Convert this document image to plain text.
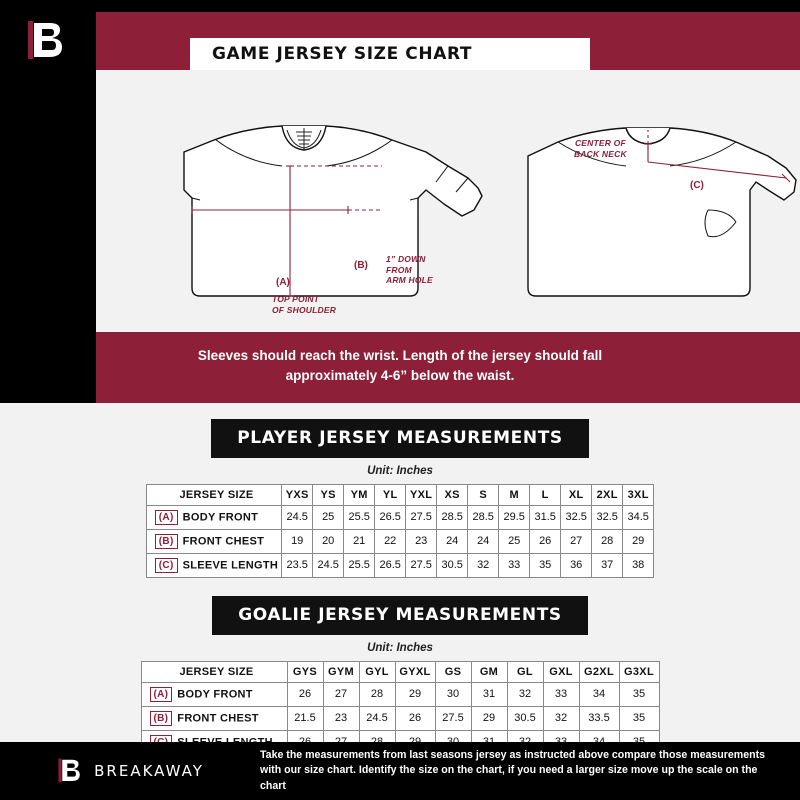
GAME JERSEY SIZE CHART
(A)
(B)
(C)
CENTER OF
BACK NECK
1” DOWN
FROM
ARM HOLE
TOP POINT
OF SHOULDER
Sleeves should reach the wrist. Length of the jersey should fall
approximately 4-6” below the waist.
PLAYER JERSEY MEASUREMENTS
Unit: Inches
JERSEY SIZE	YXS	YS	YM	YL	YXL	XS	S	M	L	XL	2XL	3XL
(A) BODY FRONT	24.5	25	25.5	26.5	27.5	28.5	28.5	29.5	31.5	32.5	32.5	34.5
(B) FRONT CHEST	19	20	21	22	23	24	24	25	26	27	28	29
(C) SLEEVE LENGTH	23.5	24.5	25.5	26.5	27.5	30.5	32	33	35	36	37	38
GOALIE JERSEY MEASUREMENTS
Unit: Inches
JERSEY SIZE	GYS	GYM	GYL	GYXL	GS	GM	GL	GXL	G2XL	G3XL
(A) BODY FRONT	26	27	28	29	30	31	32	33	34	35
(B) FRONT CHEST	21.5	23	24.5	26	27.5	29	30.5	32	33.5	35

BREAKAWAY
Take the measurements from last seasons jersey as instructed above compare those measurements with our size chart. Identify the size on the chart, if you need a larger size move up the scale on the chart
